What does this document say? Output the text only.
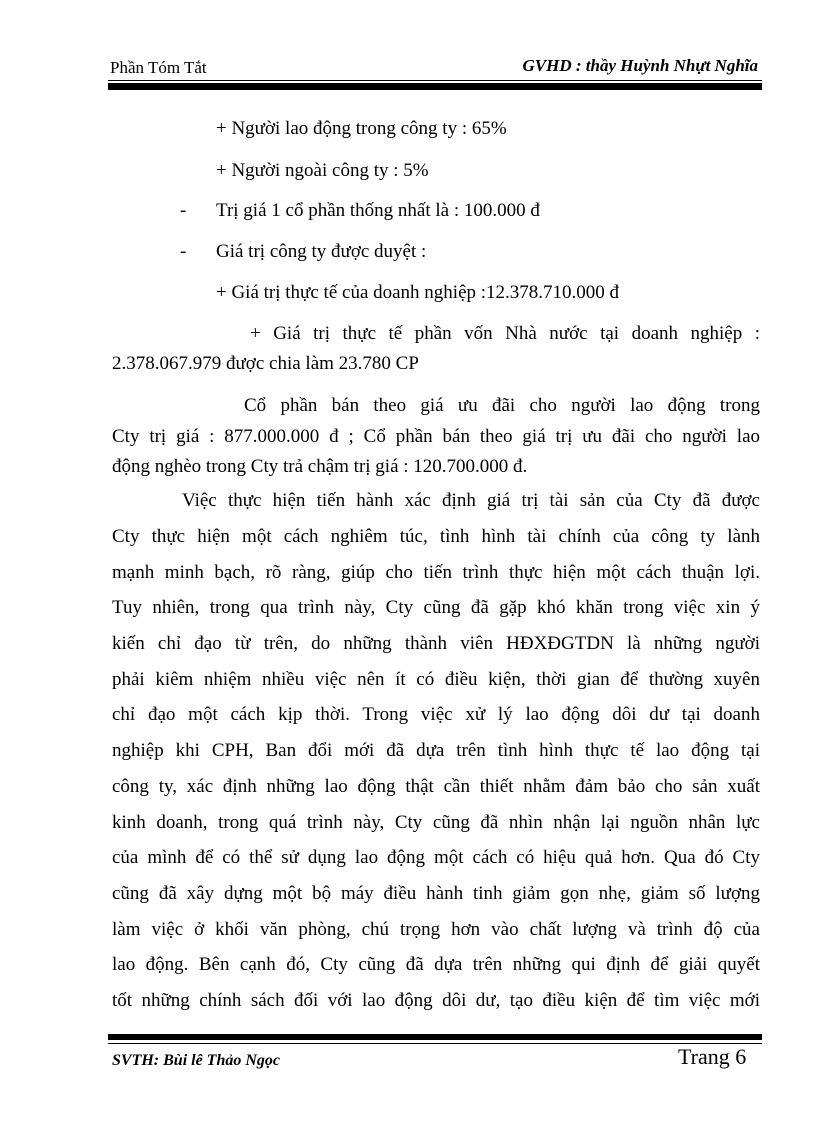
Phần Tóm Tắt	GVHD : thầy Huỳnh Nhựt Nghĩa
+ Người lao động trong công ty : 65%
+ Người ngoài công ty : 5%
- Trị giá 1 cổ phần thống nhất là : 100.000 đ
- Giá trị công ty được duyệt :
+ Giá trị thực tế của doanh nghiệp :12.378.710.000 đ
+ Giá trị thực tế phần vốn Nhà nước tại doanh nghiệp :
2.378.067.979 được chia làm 23.780 CP
Cổ phần bán theo giá ưu đãi cho người lao động trong
Cty trị giá : 877.000.000 đ ; Cổ phần bán theo giá trị ưu đãi cho người lao
động nghèo trong Cty trả chậm trị giá : 120.700.000 đ.
Việc thực hiện tiến hành xác định giá trị tài sản của Cty đã được
Cty thực hiện một cách nghiêm túc, tình hình tài chính của công ty lành
mạnh minh bạch, rõ ràng, giúp cho tiến trình thực hiện một cách thuận lợi.
Tuy nhiên, trong qua trình này, Cty cũng đã gặp khó khăn trong việc xin ý
kiến chỉ đạo từ trên, do những thành viên HĐXĐGTDN là những người
phải kiêm nhiệm nhiều việc nên ít có điều kiện, thời gian để thường xuyên
chỉ đạo một cách kịp thời. Trong việc xử lý lao động dôi dư tại doanh
nghiệp khi CPH, Ban đổi mới đã dựa trên tình hình thực tế lao động tại
công ty, xác định những lao động thật cần thiết nhằm đảm bảo cho sản xuất
kinh doanh, trong quá trình này, Cty cũng đã nhìn nhận lại nguồn nhân lực
của mình để có thể sử dụng lao động một cách có hiệu quả hơn. Qua đó Cty
cũng đã xây dựng một bộ máy điều hành tinh giảm gọn nhẹ, giảm số lượng
làm việc ở khối văn phòng, chú trọng hơn vào chất lượng và trình độ của
lao động. Bên cạnh đó, Cty cũng đã dựa trên những qui định để giải quyết
tốt những chính sách đối với lao động dôi dư, tạo điều kiện để tìm việc mới
SVTH: Bùi lê Thảo Ngọc	Trang 6
